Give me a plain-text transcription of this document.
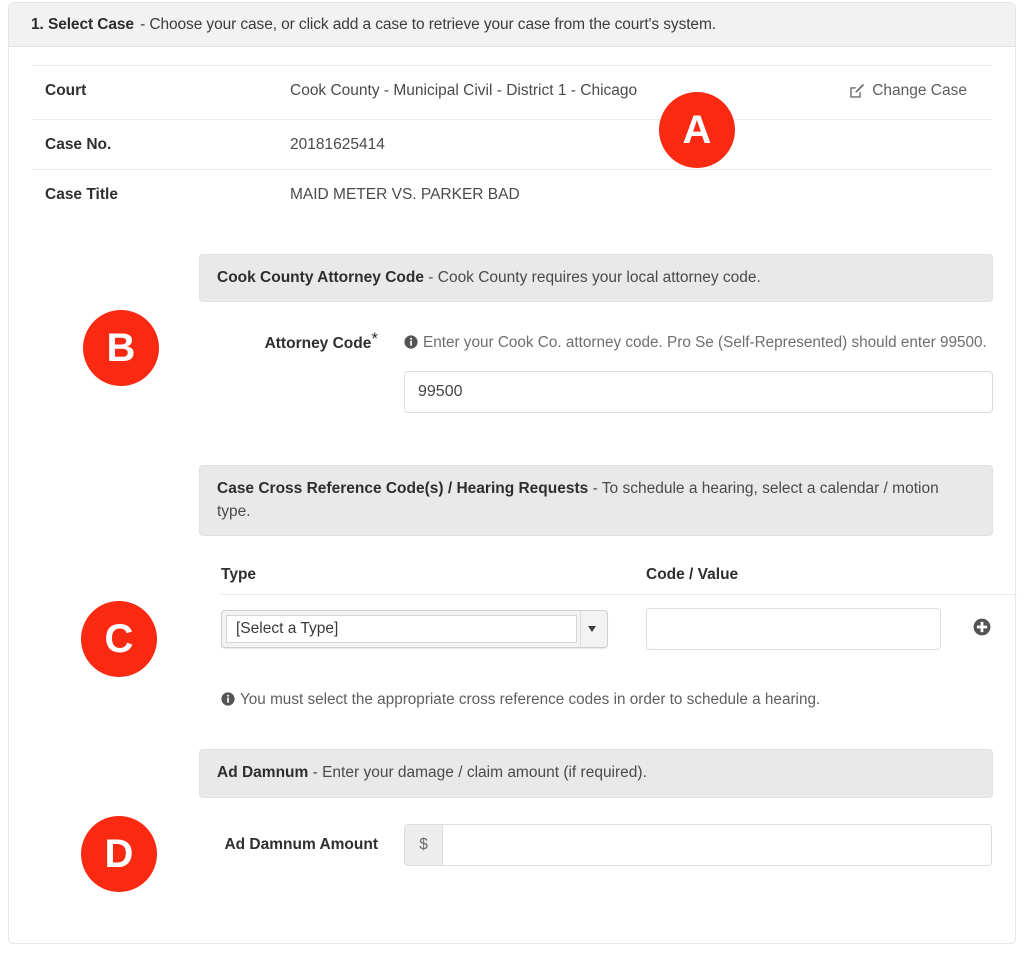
1.
Select Case
-
Choose your case, or click add a case to retrieve your case from the court's system.
Court	Cook County - Municipal Civil - District 1 - Chicago	Change Case

Case No.	20181625414	
Case Title	MAID METER VS. PARKER BAD	
Cook County Attorney Code - Cook County requires your local attorney code.
Attorney Code*	Enter your Cook Co. attorney code. Pro Se (Self-Represented) should enter 99500.
99500
Case Cross Reference Code(s) / Hearing Requests - To schedule a hearing, select a calendar / motion type.
Type	Code / Value
[Select a Type]
You must select the appropriate cross reference codes in order to schedule a hearing.
Ad Damnum - Enter your damage / claim amount (if required).
Ad Damnum Amount	$
A
B
C
D
